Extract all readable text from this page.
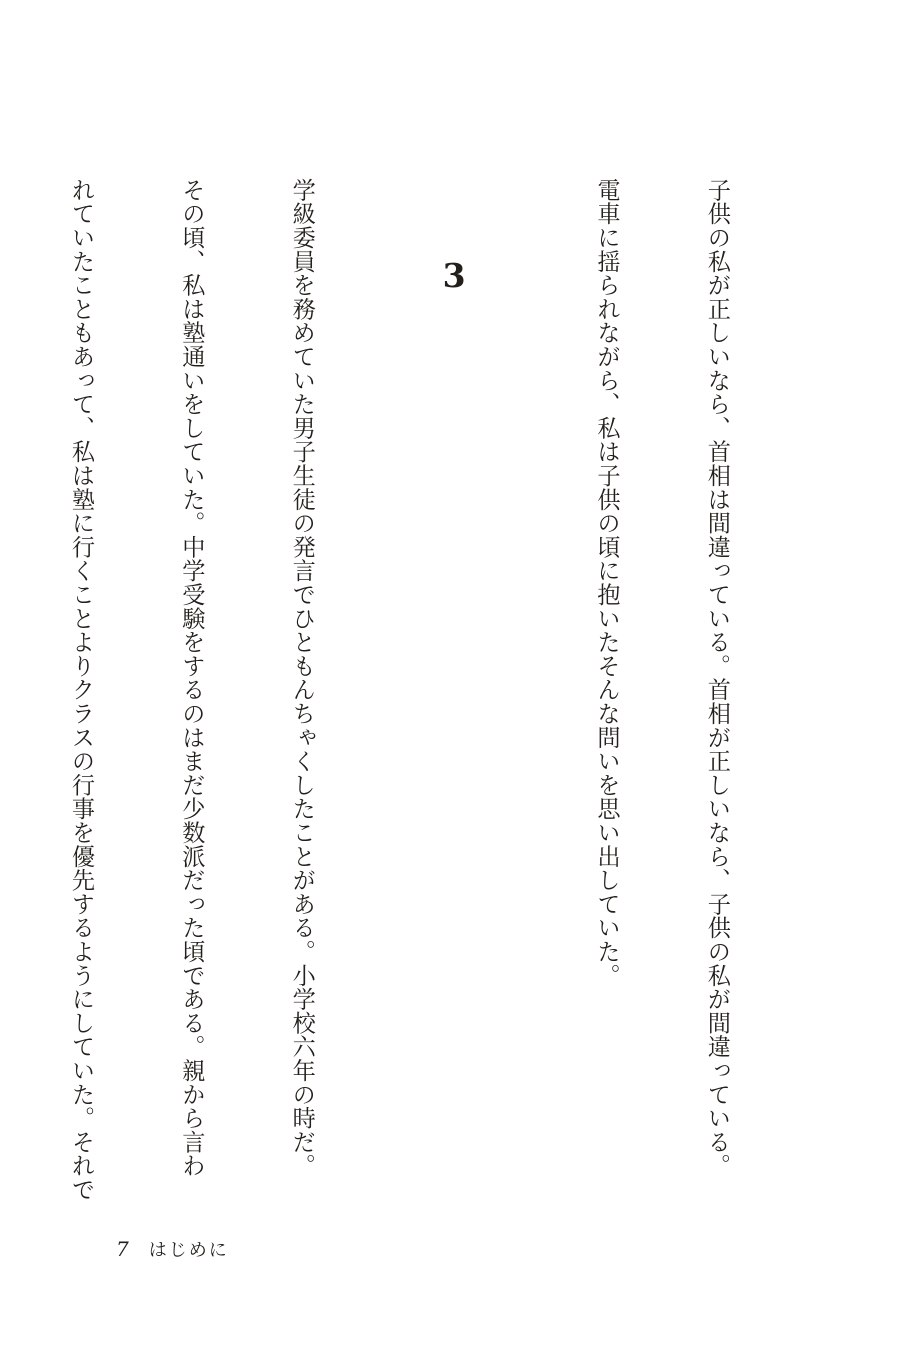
子供の私が正しいなら、首相は間違っている。首相が正しいなら、子供の私が間違っている。

電車に揺られながら、私は子供の頃に抱いたそんな問いを思い出していた。

3

学級委員を務めていた男子生徒の発言でひともんちゃくしたことがある。小学校六年の時だ。

その頃、私は塾通いをしていた。中学受験をするのはまだ少数派だった頃である。親から言わ

れていたこともあって、私は塾に行くことよりクラスの行事を優先するようにしていた。それで

7 はじめに
